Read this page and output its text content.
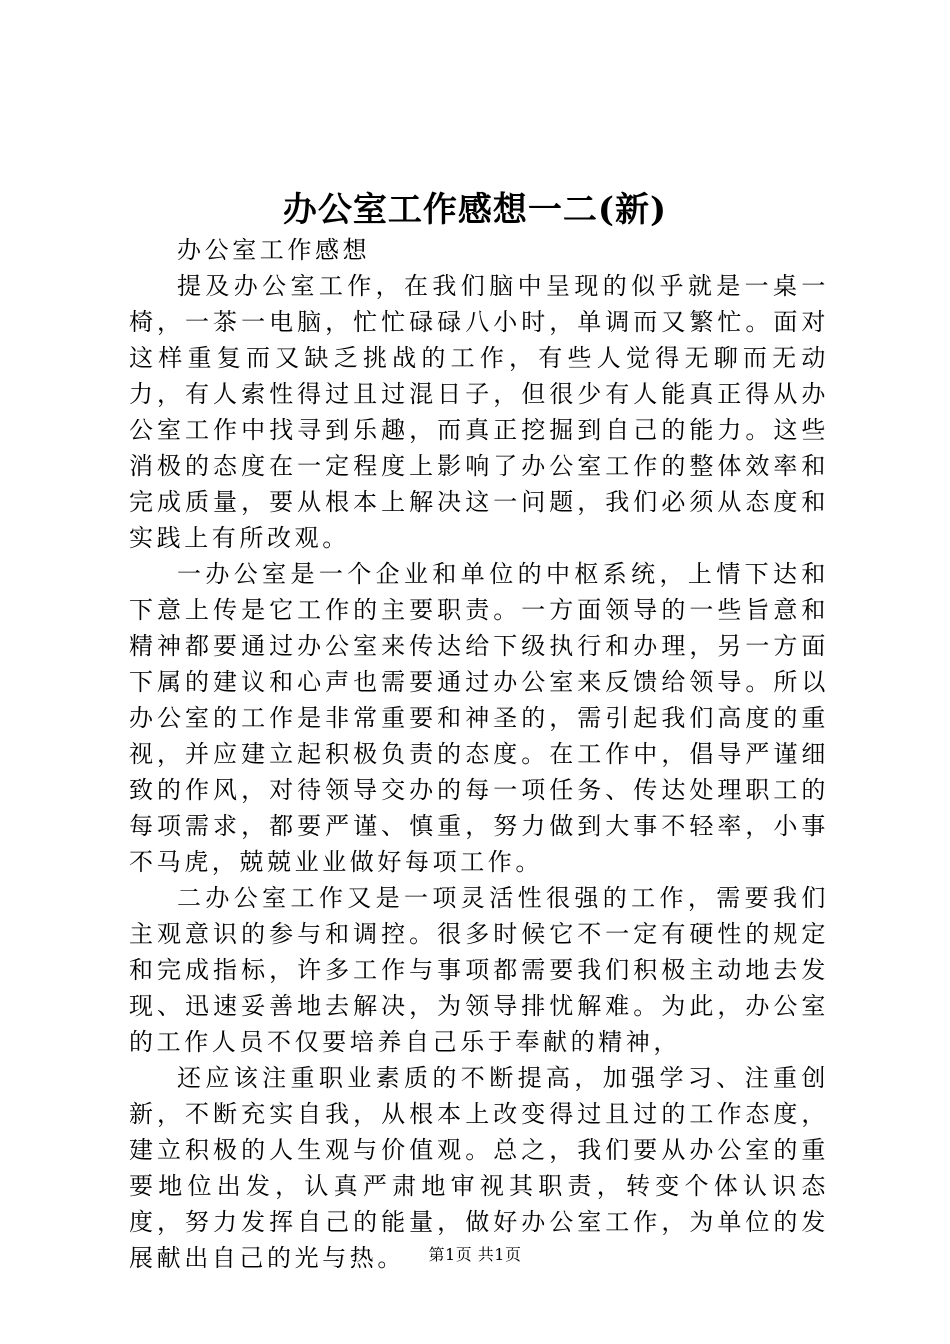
办公室工作感想一二(新)

办公室工作感想

提及办公室工作，在我们脑中呈现的似乎就是一桌一椅，一茶一电脑，忙忙碌碌八小时，单调而又繁忙。面对这样重复而又缺乏挑战的工作，有些人觉得无聊而无动力，有人索性得过且过混日子，但很少有人能真正得从办公室工作中找寻到乐趣，而真正挖掘到自己的能力。这些消极的态度在一定程度上影响了办公室工作的整体效率和完成质量，要从根本上解决这一问题，我们必须从态度和实践上有所改观。

一办公室是一个企业和单位的中枢系统，上情下达和下意上传是它工作的主要职责。一方面领导的一些旨意和精神都要通过办公室来传达给下级执行和办理，另一方面下属的建议和心声也需要通过办公室来反馈给领导。所以办公室的工作是非常重要和神圣的，需引起我们高度的重视，并应建立起积极负责的态度。在工作中，倡导严谨细致的作风，对待领导交办的每一项任务、传达处理职工的每项需求，都要严谨、慎重，努力做到大事不轻率，小事不马虎，兢兢业业做好每项工作。

二办公室工作又是一项灵活性很强的工作，需要我们主观意识的参与和调控。很多时候它不一定有硬性的规定和完成指标，许多工作与事项都需要我们积极主动地去发现、迅速妥善地去解决，为领导排忧解难。为此，办公室的工作人员不仅要培养自己乐于奉献的精神，

还应该注重职业素质的不断提高，加强学习、注重创新，不断充实自我，从根本上改变得过且过的工作态度，建立积极的人生观与价值观。总之，我们要从办公室的重要地位出发，认真严肃地审视其职责，转变个体认识态度，努力发挥自己的能量，做好办公室工作，为单位的发展献出自己的光与热。	第1页 共1页
